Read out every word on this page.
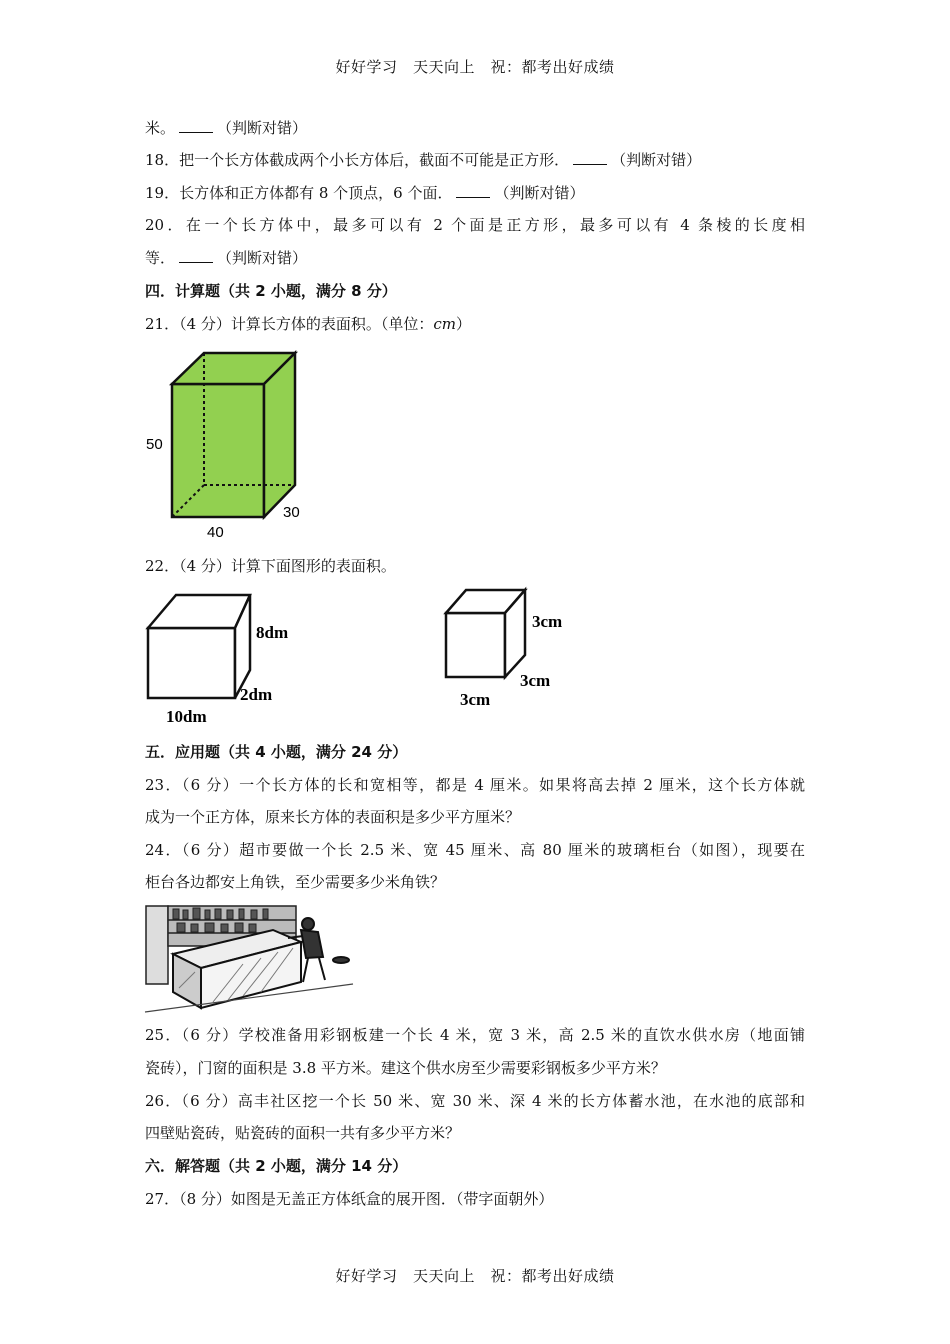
好好学习　天天向上　祝：都考出好成绩
米。	（判断对错）
18．把一个长方体截成两个小长方体后，截面不可能是正方形．	（判断对错）
19．长方体和正方体都有 8 个顶点，6 个面．	（判断对错）
20．在一个长方体中，最多可以有 2 个面是正方形，最多可以有 4 条棱的长度相
等．	（判断对错）
四．计算题（共 2 小题，满分 8 分）
21．（4 分）计算长方体的表面积。（单位：cm）
50
40
30
22．（4 分）计算下面图形的表面积。
8dm
2dm
10dm
3cm
3cm
3cm
五．应用题（共 4 小题，满分 24 分）
23．（6 分）一个长方体的长和宽相等，都是 4 厘米。如果将高去掉 2 厘米，这个长方体就
成为一个正方体，原来长方体的表面积是多少平方厘米？
24．（6 分）超市要做一个长 2.5 米、宽 45 厘米、高 80 厘米的玻璃柜台（如图），现要在
柜台各边都安上角铁，至少需要多少米角铁？
25．（6 分）学校准备用彩钢板建一个长 4 米，宽 3 米，高 2.5 米的直饮水供水房（地面铺
瓷砖），门窗的面积是 3.8 平方米。建这个供水房至少需要彩钢板多少平方米？
26．（6 分）高丰社区挖一个长 50 米、宽 30 米、深 4 米的长方体蓄水池，在水池的底部和
四壁贴瓷砖，贴瓷砖的面积一共有多少平方米？
六．解答题（共 2 小题，满分 14 分）
27．（8 分）如图是无盖正方体纸盒的展开图．（带字面朝外）
好好学习　天天向上　祝：都考出好成绩
